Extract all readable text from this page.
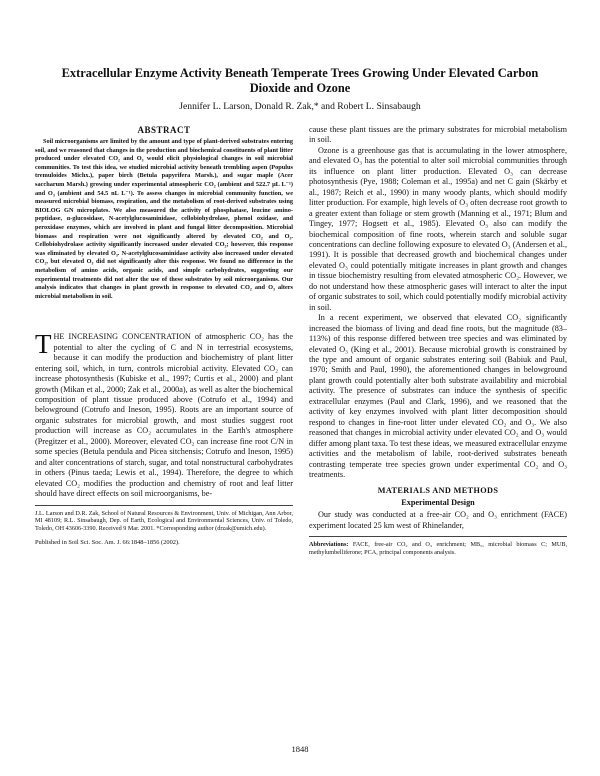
Extracellular Enzyme Activity Beneath Temperate Trees Growing Under Elevated Carbon Dioxide and Ozone

Jennifer L. Larson, Donald R. Zak,* and Robert L. Sinsabaugh

ABSTRACT

Soil microorganisms are limited by the amount and type of plant-derived substrates entering soil, and we reasoned that changes in the production and biochemical constituents of plant litter produced under elevated CO₂ and O₃ would elicit physiological changes in soil microbial communities. To test this idea, we studied microbial activity beneath trembling aspen (Populus tremuloides Michx.), paper birch (Betula papyrifera Marsh.), and sugar maple (Acer saccharum Marsh.) growing under experimental atmospheric CO₂ (ambient and 522.7 μL L⁻¹) and O₃ (ambient and 54.5 nL L⁻¹). To assess changes in microbial community function, we measured microbial biomass, respiration, and the metabolism of root-derived substrates using BIOLOG GN microplates. We also measured the activity of phosphatase, leucine amino-peptidase, α-glucosidase, N-acetylglucosaminidase, cellobiohydrolase, phenol oxidase, and peroxidase enzymes, which are involved in plant and fungal litter decomposition. Microbial biomass and respiration were not significantly altered by elevated CO₂ and O₃. Cellobiohydrolase activity significantly increased under elevated CO₂; however, this response was eliminated by elevated O₃. N-acetylglucosaminidase activity also increased under elevated CO₂, but elevated O₃ did not significantly alter this response. We found no difference in the metabolism of amino acids, organic acids, and simple carbohydrates, suggesting our experimental treatments did not alter the use of these substrates by soil microorganisms. Our analysis indicates that changes in plant growth in response to elevated CO₂ and O₃ alters microbial metabolism in soil.

THE INCREASING CONCENTRATION of atmospheric CO₂ has the potential to alter the cycling of C and N in terrestrial ecosystems, because it can modify the production and biochemistry of plant litter entering soil, which, in turn, controls microbial activity. Elevated CO₂ can increase photosynthesis (Kubiske et al., 1997; Curtis et al., 2000) and plant growth (Mikan et al., 2000; Zak et al., 2000a), as well as alter the biochemical composition of plant tissue produced above (Cotrufo et al., 1994) and belowground (Cotrufo and Ineson, 1995). Roots are an important source of organic substrates for microbial growth, and most studies suggest root production will increase as CO₂ accumulates in the Earth's atmosphere (Pregitzer et al., 2000). Moreover, elevated CO₂ can increase fine root C/N in some species (Betula pendula and Picea sitchensis; Cotrufo and Ineson, 1995) and alter concentrations of starch, sugar, and total nonstructural carbohydrates in others (Pinus taeda; Lewis et al., 1994). Therefore, the degree to which elevated CO₂ modifies the production and chemistry of root and leaf litter should have direct effects on soil microorganisms, be-

J.L. Larson and D.R. Zak, School of Natural Resources & Environment, Univ. of Michigan, Ann Arbor, MI 48109; R.L. Sinsabaugh, Dep. of Earth, Ecological and Environmental Sciences, Univ. of Toledo, Toledo, OH 43606-3390. Received 9 Mar. 2001. *Corresponding author (drzak@umich.edu).

Published in Soil Sci. Soc. Am. J. 66:1848–1856 (2002).

cause these plant tissues are the primary substrates for microbial metabolism in soil.

Ozone is a greenhouse gas that is accumulating in the lower atmosphere, and elevated O₃ has the potential to alter soil microbial communities through its influence on plant litter production. Elevated O₃ can decrease photosynthesis (Pye, 1988; Coleman et al., 1995a) and net C gain (Skärby et al., 1987; Reich et al., 1990) in many woody plants, which should modify litter production. For example, high levels of O₃ often decrease root growth to a greater extent than foliage or stem growth (Manning et al., 1971; Blum and Tingey, 1977; Hogsett et al., 1985). Elevated O₃ also can modify the biochemical composition of fine roots, wherein starch and soluble sugar concentrations can decline following exposure to elevated O₃ (Andersen et al., 1991). It is possible that decreased growth and biochemical changes under elevated O₃ could potentially mitigate increases in plant growth and changes in tissue biochemistry resulting from elevated atmospheric CO₂. However, we do not understand how these atmospheric gases will interact to alter the input of organic substrates to soil, which could potentially modify microbial activity in soil.

In a recent experiment, we observed that elevated CO₂ significantly increased the biomass of living and dead fine roots, but the magnitude (83–113%) of this response differed between tree species and was eliminated by elevated O₃ (King et al., 2001). Because microbial growth is constrained by the type and amount of organic substrates entering soil (Babiuk and Paul, 1970; Smith and Paul, 1990), the aforementioned changes in belowground plant growth could potentially alter both substrate availability and microbial activity. The presence of substrates can induce the synthesis of specific extracellular enzymes (Paul and Clark, 1996), and we reasoned that the activity of key enzymes involved with plant litter decomposition should respond to changes in fine-root litter under elevated CO₂ and O₃. We also reasoned that changes in microbial activity under elevated CO₂ and O₃ would differ among plant taxa. To test these ideas, we measured extracellular enzyme activities and the metabolism of labile, root-derived substrates beneath contrasting temperate tree species grown under experimental CO₂ and O₃ treatments.

MATERIALS AND METHODS

Experimental Design

Our study was conducted at a free-air CO₂ and O₃ enrichment (FACE) experiment located 25 km west of Rhinelander,

Abbreviations: FACE, free-air CO₂ and O₃ enrichment; MB꜀, microbial biomass C; MUB, methylumbelliferone; PCA, principal components analysis.

1848
